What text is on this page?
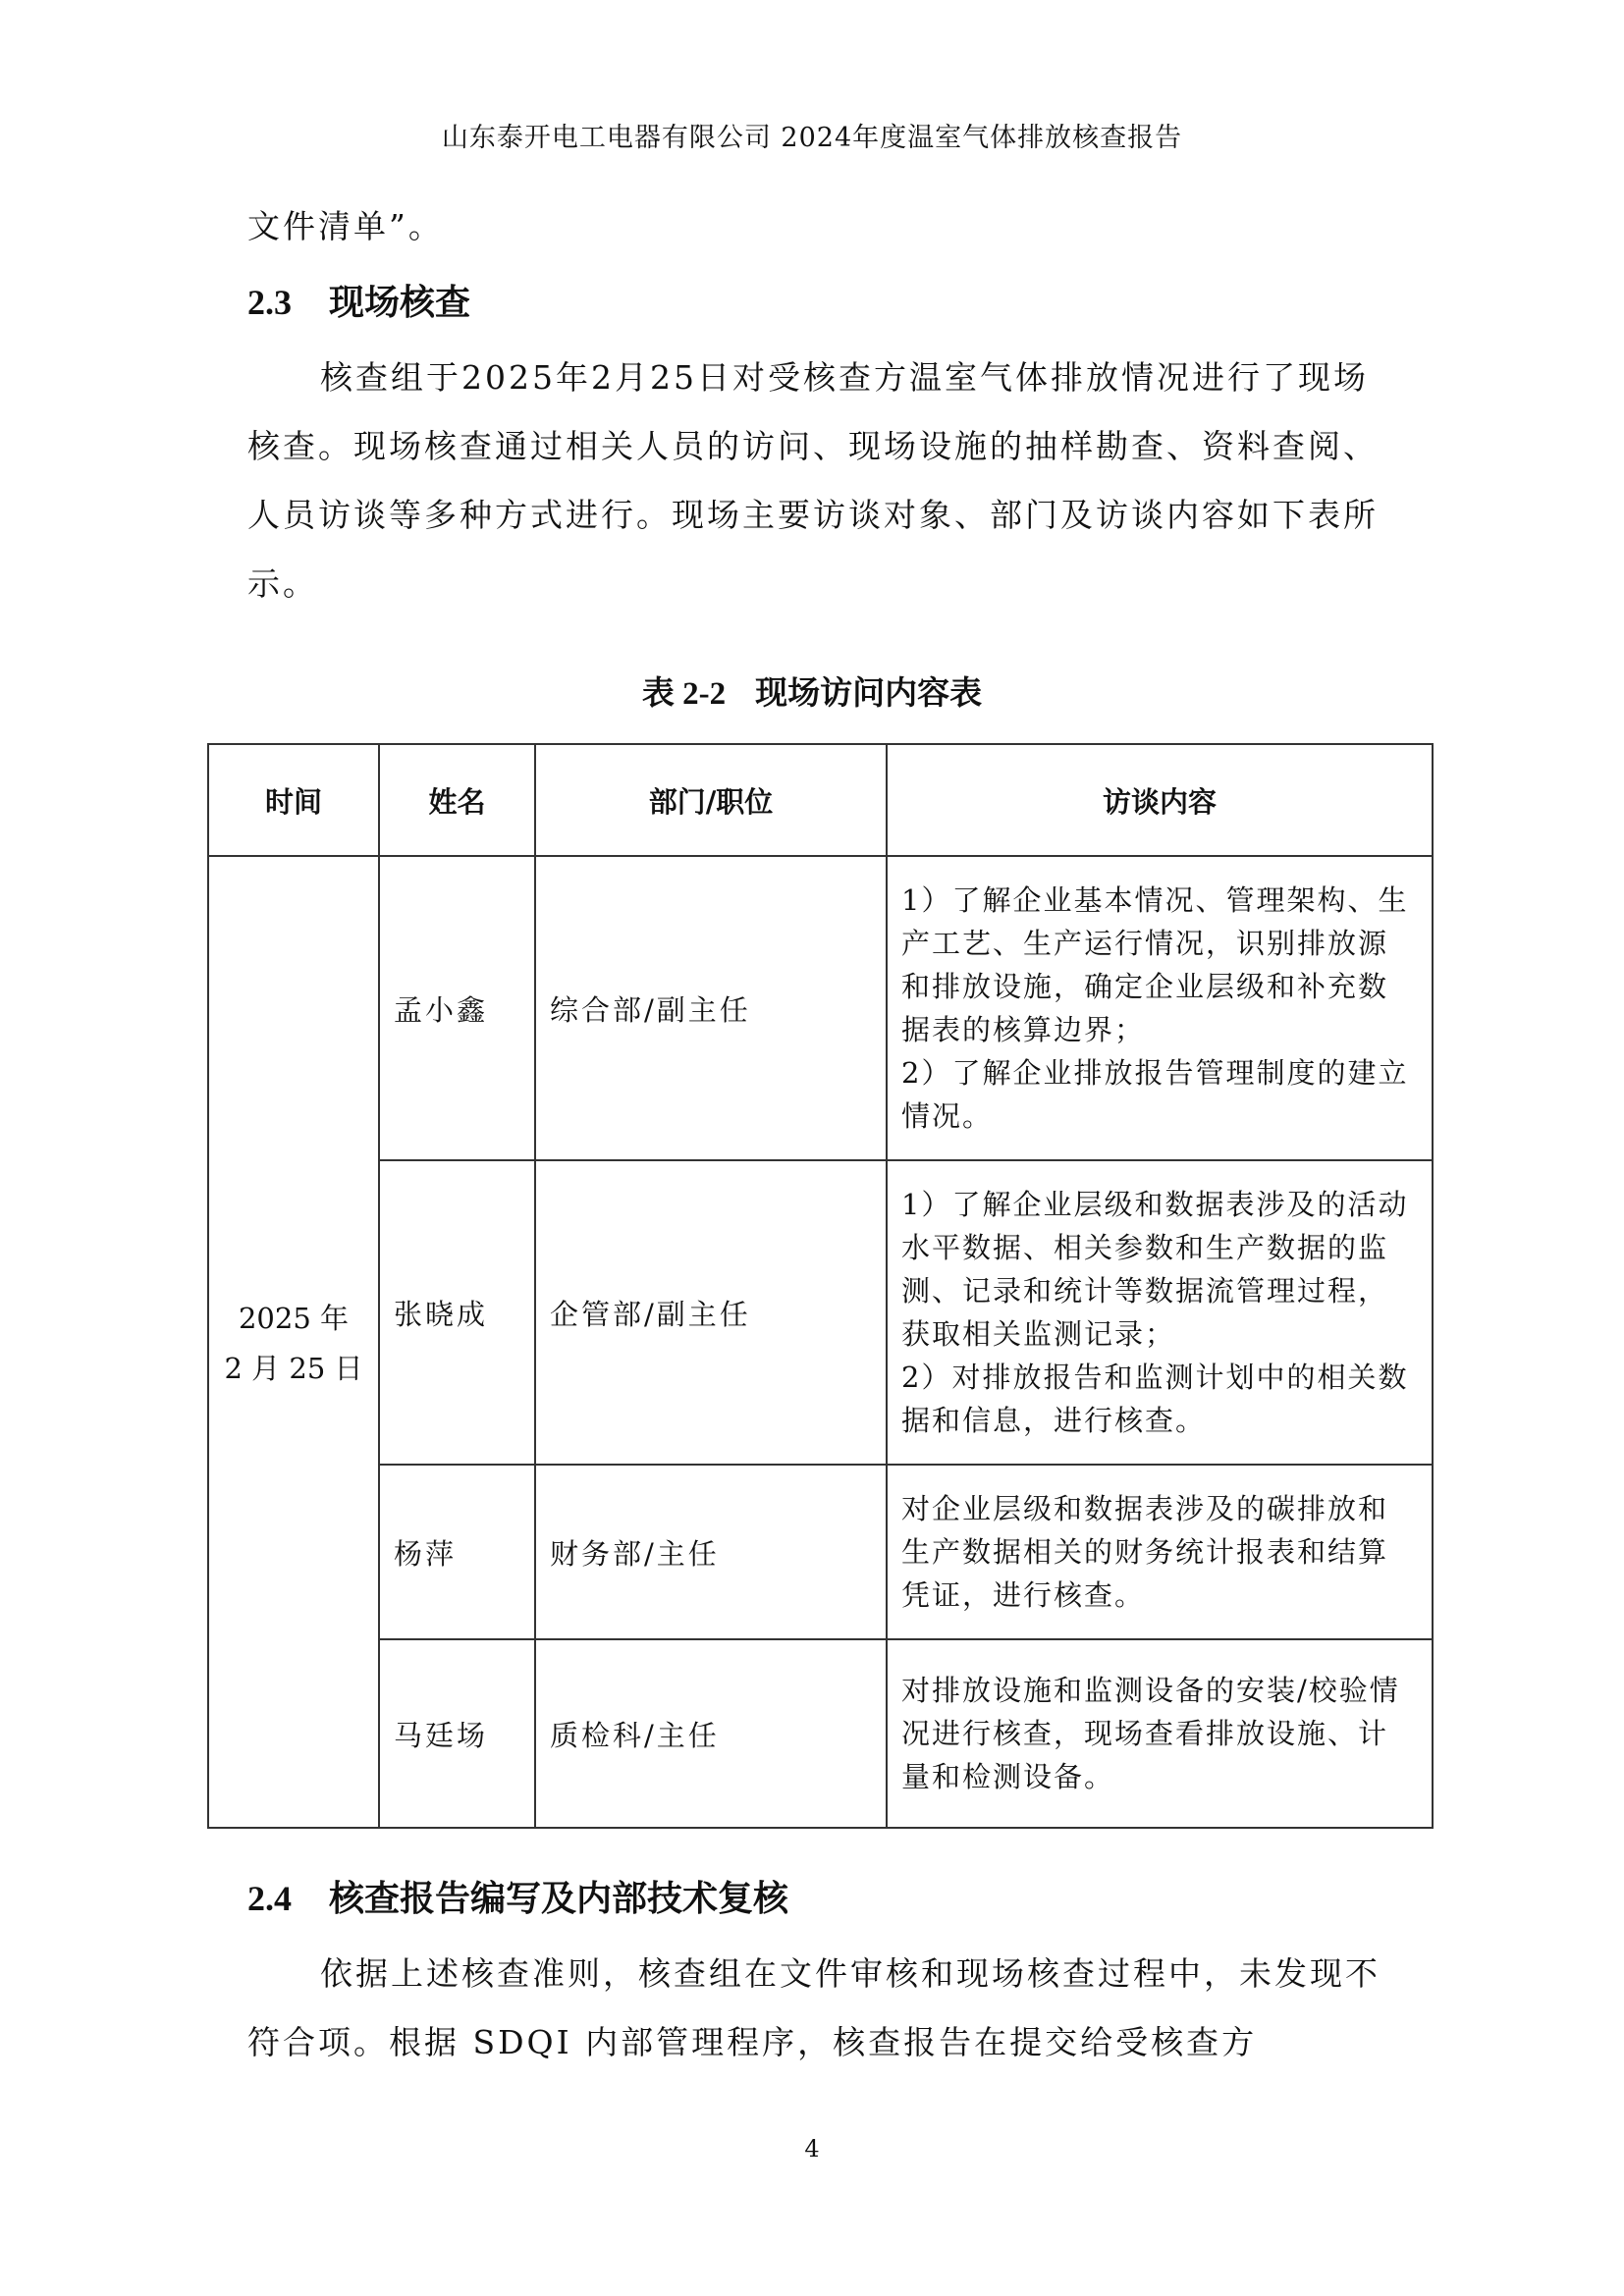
山东泰开电工电器有限公司 2024年度温室气体排放核查报告
文件清单”。
2.3 现场核查
核查组于2025年2月25日对受核查方温室气体排放情况进行了现场核查。现场核查通过相关人员的访问、现场设施的抽样勘查、资料查阅、人员访谈等多种方式进行。现场主要访谈对象、部门及访谈内容如下表所示。
表 2-2 现场访问内容表
时间	姓名	部门/职位	访谈内容

2025 年
2 月 25 日	孟小鑫	综合部/副主任	1）了解企业基本情况、管理架构、生产工艺、生产运行情况，识别排放源和排放设施，确定企业层级和补充数据表的核算边界；
2）了解企业排放报告管理制度的建立情况。

	张晓成	企管部/副主任	1）了解企业层级和数据表涉及的活动水平数据、相关参数和生产数据的监测、记录和统计等数据流管理过程，获取相关监测记录；
2）对排放报告和监测计划中的相关数据和信息，进行核查。

	杨萍	财务部/主任	对企业层级和数据表涉及的碳排放和生产数据相关的财务统计报表和结算凭证，进行核查。

	马廷场	质检科/主任	对排放设施和监测设备的安装/校验情况进行核查，现场查看排放设施、计量和检测设备。
2.4 核查报告编写及内部技术复核
依据上述核查准则，核查组在文件审核和现场核查过程中，未发现不符合项。根据 SDQI 内部管理程序，核查报告在提交给受核查方
4
